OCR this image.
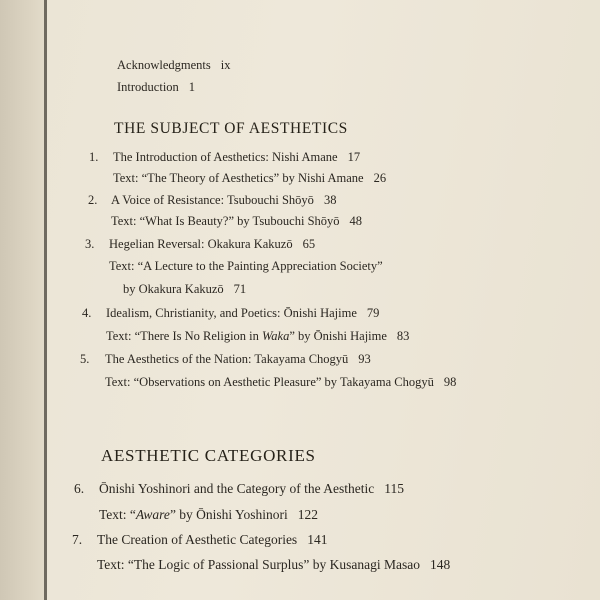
Acknowledgments ix
Introduction 1
THE SUBJECT OF AESTHETICS
1. The Introduction of Aesthetics: Nishi Amane 17
Text: “The Theory of Aesthetics” by Nishi Amane 26
2. A Voice of Resistance: Tsubouchi Shōyō 38
Text: “What Is Beauty?” by Tsubouchi Shōyō 48
3. Hegelian Reversal: Okakura Kakuzō 65
Text: “A Lecture to the Painting Appreciation Society”
by Okakura Kakuzō 71
4. Idealism, Christianity, and Poetics: Ōnishi Hajime 79
Text: “There Is No Religion in Waka” by Ōnishi Hajime 83
5. The Aesthetics of the Nation: Takayama Chogyū 93
Text: “Observations on Aesthetic Pleasure” by Takayama Chogyū 98
AESTHETIC CATEGORIES
6. Ōnishi Yoshinori and the Category of the Aesthetic 115
Text: “Aware” by Ōnishi Yoshinori 122
7. The Creation of Aesthetic Categories 141
Text: “The Logic of Passional Surplus” by Kusanagi Masao 148
